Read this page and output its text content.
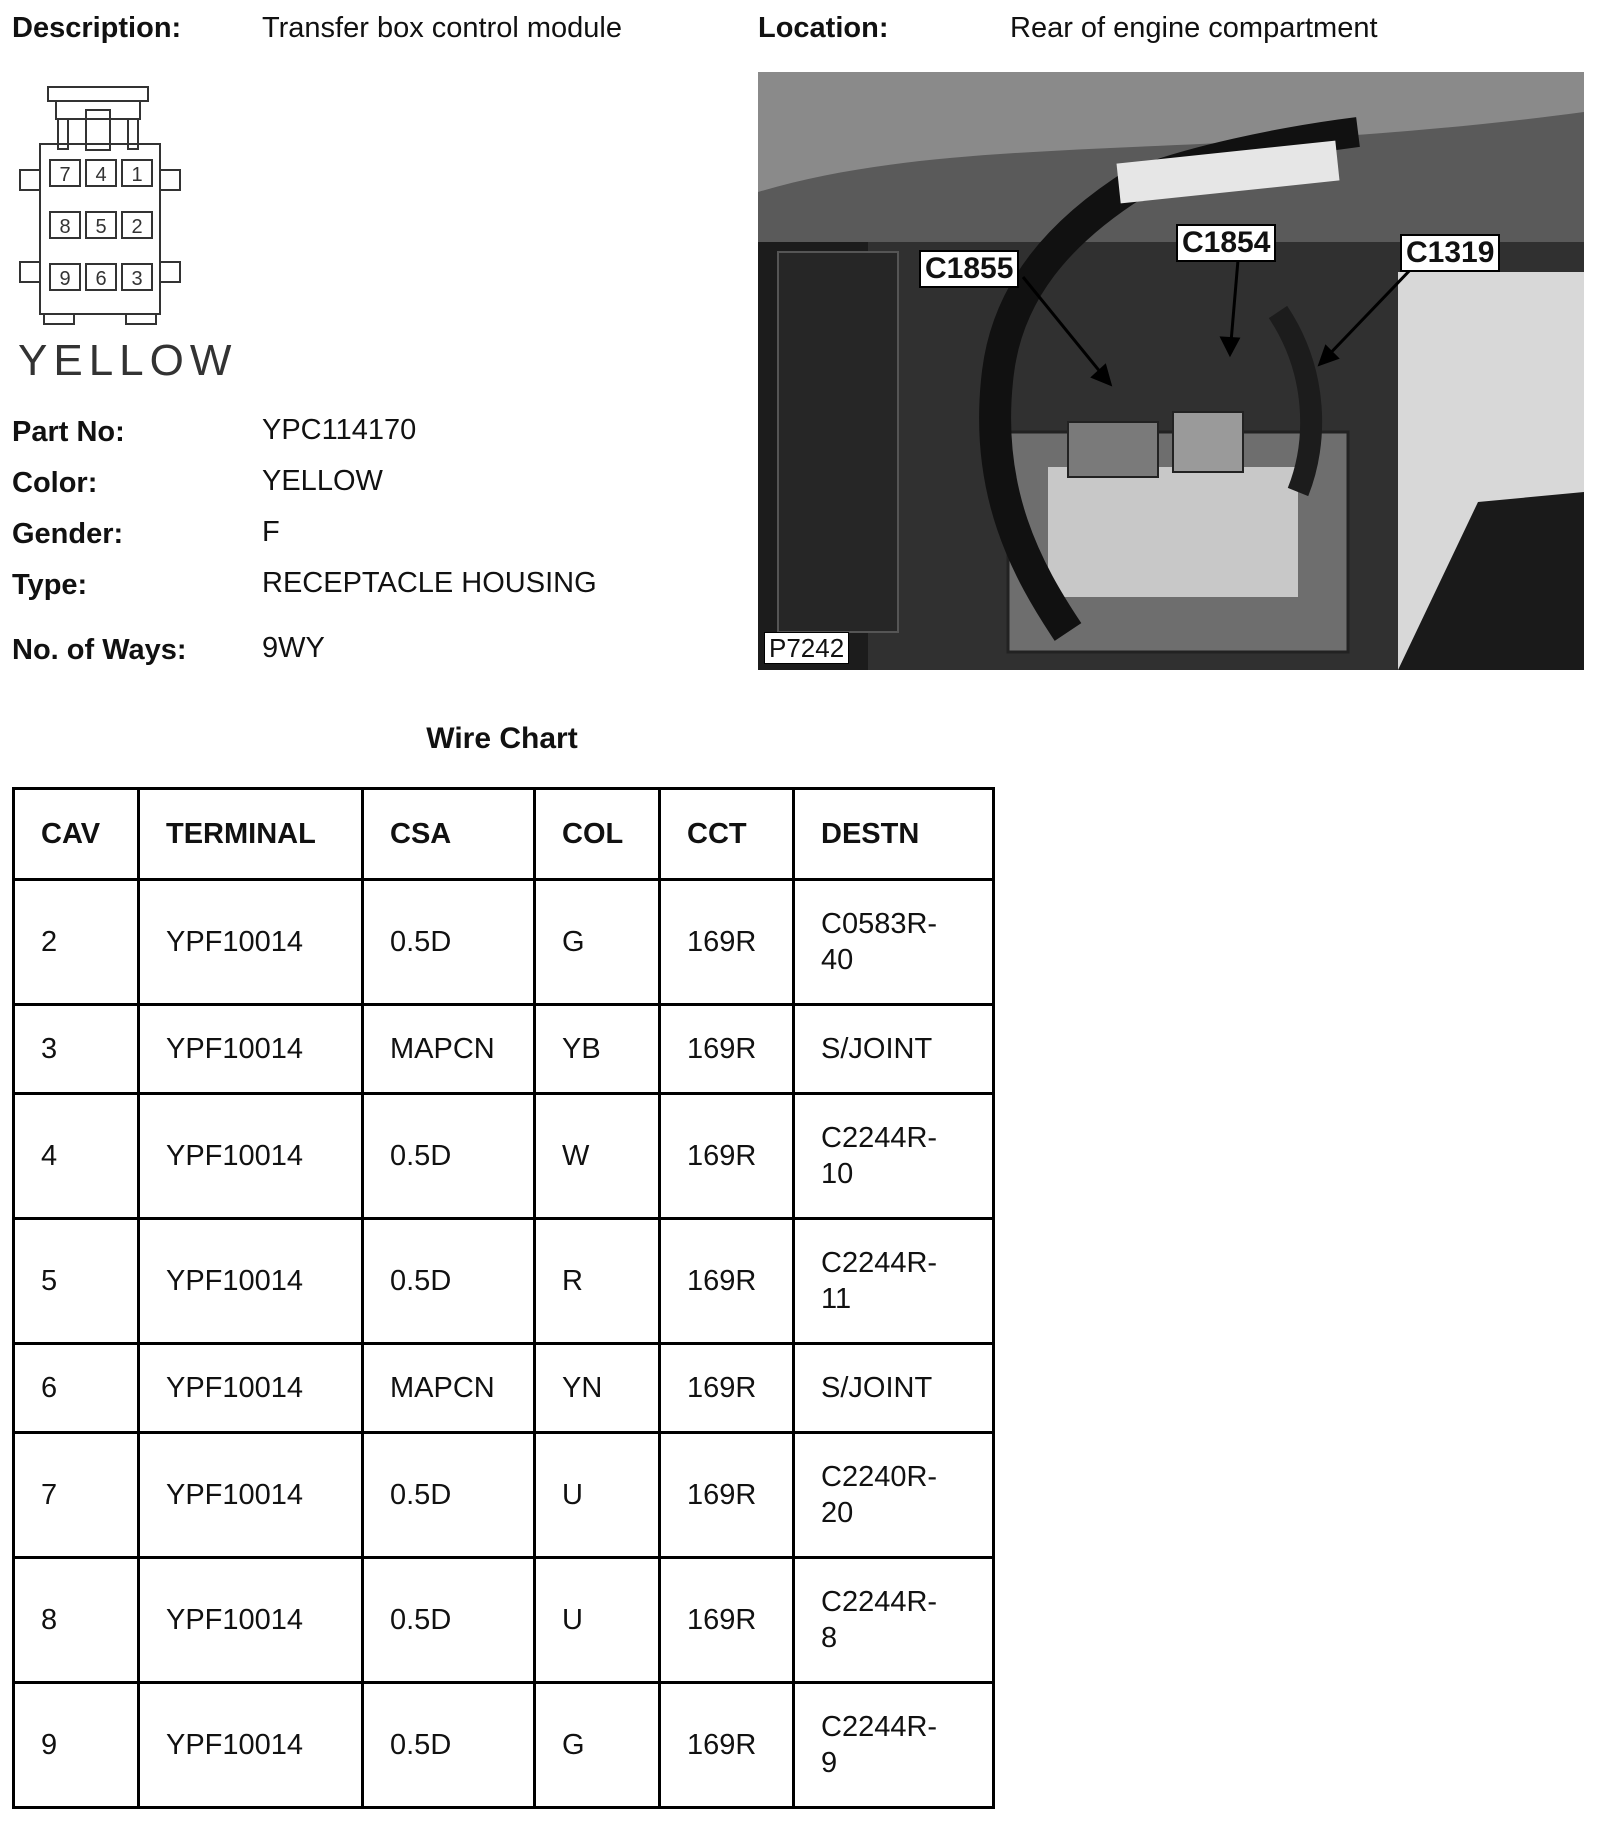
Description:	Transfer box control module	Location:	Rear of engine compartment
7 4 1
8 5 2
9 6 3
YELLOW
Part No:	YPC114170
Color:	YELLOW
Gender:	F
Type:	RECEPTACLE HOUSING
No. of Ways:	9WY
C1855
C1854	C1319
P7242
Wire Chart
CAV	TERMINAL	CSA	COL	CCT	DESTN
2	YPF10014	0.5D	G	169R	C0583R-
40
3	YPF10014	MAPCN	YB	169R	S/JOINT
4	YPF10014	0.5D	W	169R	C2244R-
10
5	YPF10014	0.5D	R	169R	C2244R-
11
6	YPF10014	MAPCN	YN	169R	S/JOINT
7	YPF10014	0.5D	U	169R	C2240R-
20
8	YPF10014	0.5D	U	169R	C2244R-
8
9	YPF10014	0.5D	G	169R	C2244R-
9
